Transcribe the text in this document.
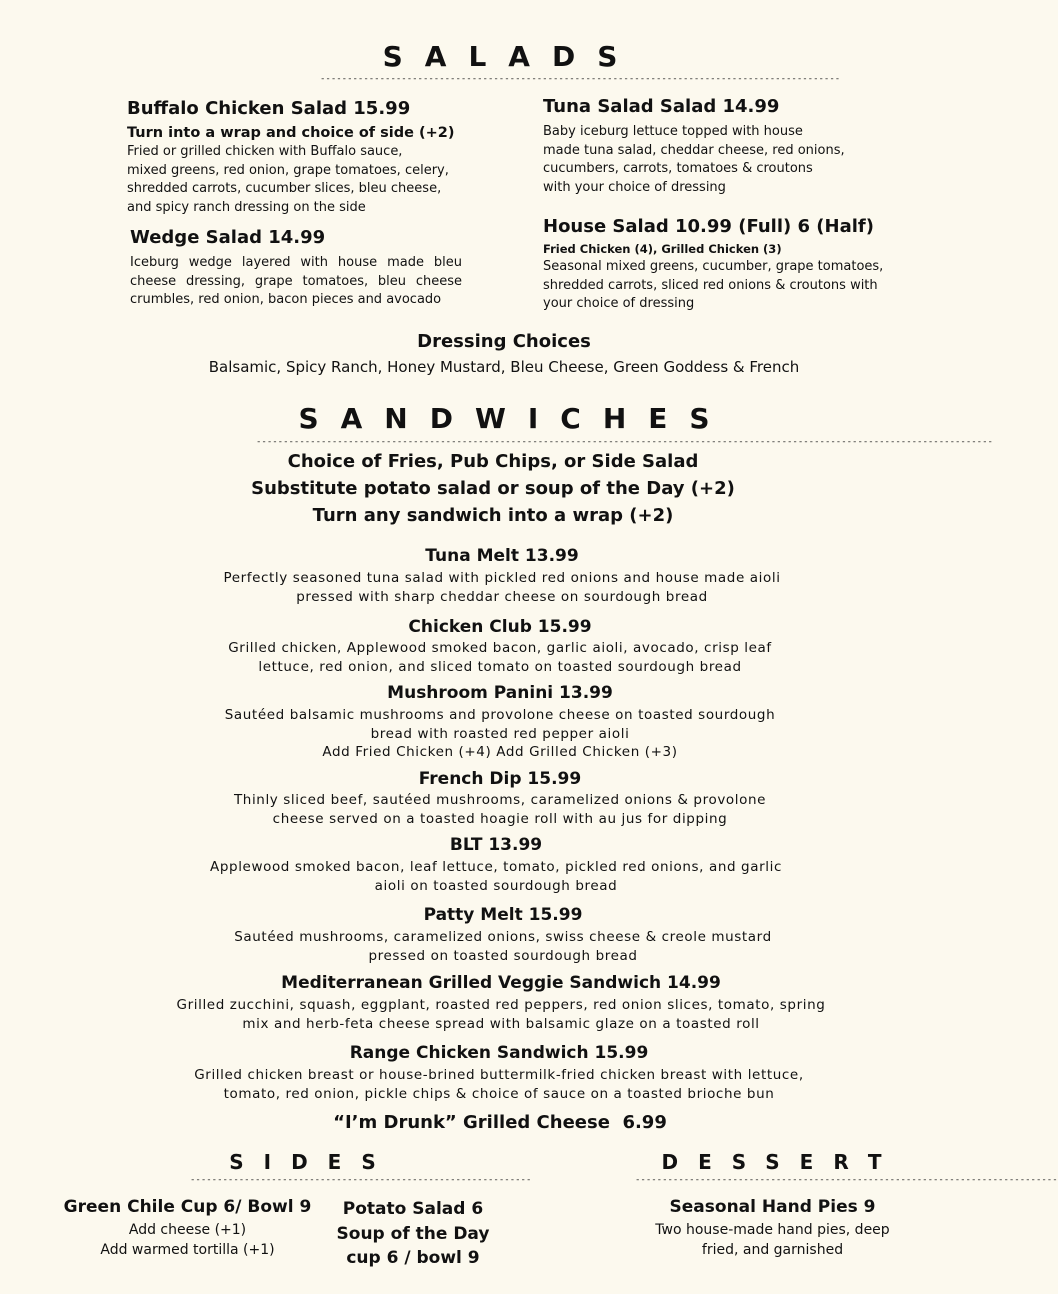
SALADS
------------------------------------------------------------------------------------------------

Buffalo Chicken Salad 15.99

Turn into a wrap and choice of side (+2)

Fried or grilled chicken with Buffalo sauce,

mixed greens, red onion, grape tomatoes, celery,

shredded carrots, cucumber slices, bleu cheese,

and spicy ranch dressing on the side

Wedge Salad 14.99

Iceburg wedge layered with house made bleu

cheese dressing, grape tomatoes, bleu cheese

crumbles, red onion, bacon pieces and avocado

Tuna Salad Salad 14.99

Baby iceburg lettuce topped with house

made tuna salad, cheddar cheese, red onions,

cucumbers, carrots, tomatoes & croutons

with your choice of dressing

House Salad 10.99 (Full) 6 (Half)

Fried Chicken (4), Grilled Chicken (3)

Seasonal mixed greens, cucumber, grape tomatoes,

shredded carrots, sliced red onions & croutons with

your choice of dressing

Dressing Choices

Balsamic, Spicy Ranch, Honey Mustard, Bleu Cheese, Green Goddess & French

SANDWICHES
----------------------------------------------------------------------------------------------------------------------------------------

Choice of Fries, Pub Chips, or Side Salad

Substitute potato salad or soup of the Day (+2)

Turn any sandwich into a wrap (+2)

Tuna Melt 13.99

Perfectly seasoned tuna salad with pickled red onions and house made aioli

pressed with sharp cheddar cheese on sourdough bread

Chicken Club 15.99

Grilled chicken, Applewood smoked bacon, garlic aioli, avocado, crisp leaf

lettuce, red onion, and sliced tomato on toasted sourdough bread

Mushroom Panini 13.99

Sautéed balsamic mushrooms and provolone cheese on toasted sourdough

bread with roasted red pepper aioli

Add Fried Chicken (+4) Add Grilled Chicken (+3)

French Dip 15.99

Thinly sliced beef, sautéed mushrooms, caramelized onions & provolone

cheese served on a toasted hoagie roll with au jus for dipping

BLT 13.99

Applewood smoked bacon, leaf lettuce, tomato, pickled red onions, and garlic

aioli on toasted sourdough bread

Patty Melt 15.99

Sautéed mushrooms, caramelized onions, swiss cheese & creole mustard

pressed on toasted sourdough bread

Mediterranean Grilled Veggie Sandwich 14.99

Grilled zucchini, squash, eggplant, roasted red peppers, red onion slices, tomato, spring

mix and herb-feta cheese spread with balsamic glaze on a toasted roll

Range Chicken Sandwich 15.99

Grilled chicken breast or house-brined buttermilk-fried chicken breast with lettuce,

tomato, red onion, pickle chips & choice of sauce on a toasted brioche bun

“I’m Drunk” Grilled Cheese  6.99

SIDES
---------------------------------------------------------------

Green Chile Cup 6/ Bowl 9

Add cheese (+1)

Add warmed tortilla (+1)

Potato Salad 6

Soup of the Day

cup 6 / bowl 9

DESSERT
------------------------------------------------------------------------------

Seasonal Hand Pies 9

Two house-made hand pies, deep

fried, and garnished
